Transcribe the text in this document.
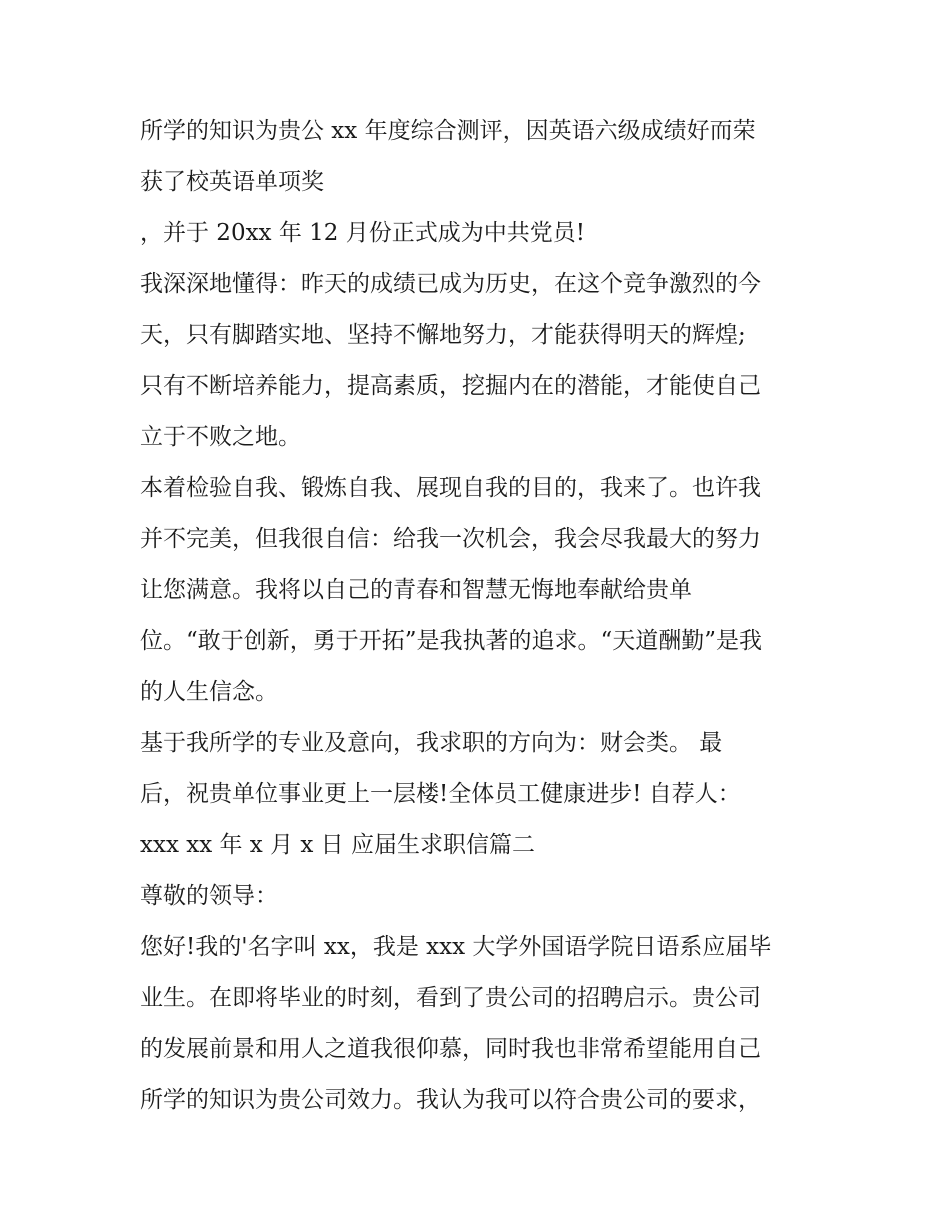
所学的知识为贵公 xx 年度综合测评，因英语六级成绩好而荣
获了校英语单项奖
，并于 20xx 年 12 月份正式成为中共党员!
我深深地懂得：昨天的成绩已成为历史，在这个竞争激烈的今
天，只有脚踏实地、坚持不懈地努力，才能获得明天的辉煌;
只有不断培养能力，提高素质，挖掘内在的潜能，才能使自己
立于不败之地。
本着检验自我、锻炼自我、展现自我的目的，我来了。也许我
并不完美，但我很自信：给我一次机会，我会尽我最大的努力
让您满意。我将以自己的青春和智慧无悔地奉献给贵单
位。“敢于创新，勇于开拓”是我执著的追求。“天道酬勤”是我
的人生信念。
基于我所学的专业及意向，我求职的方向为：财会类。 最
后，祝贵单位事业更上一层楼!全体员工健康进步! 自荐人：
xxx xx 年 x 月 x 日 应届生求职信篇二
尊敬的领导：
您好!我的'名字叫 xx，我是 xxx 大学外国语学院日语系应届毕
业生。在即将毕业的时刻，看到了贵公司的招聘启示。贵公司
的发展前景和用人之道我很仰慕，同时我也非常希望能用自己
所学的知识为贵公司效力。我认为我可以符合贵公司的要求，
